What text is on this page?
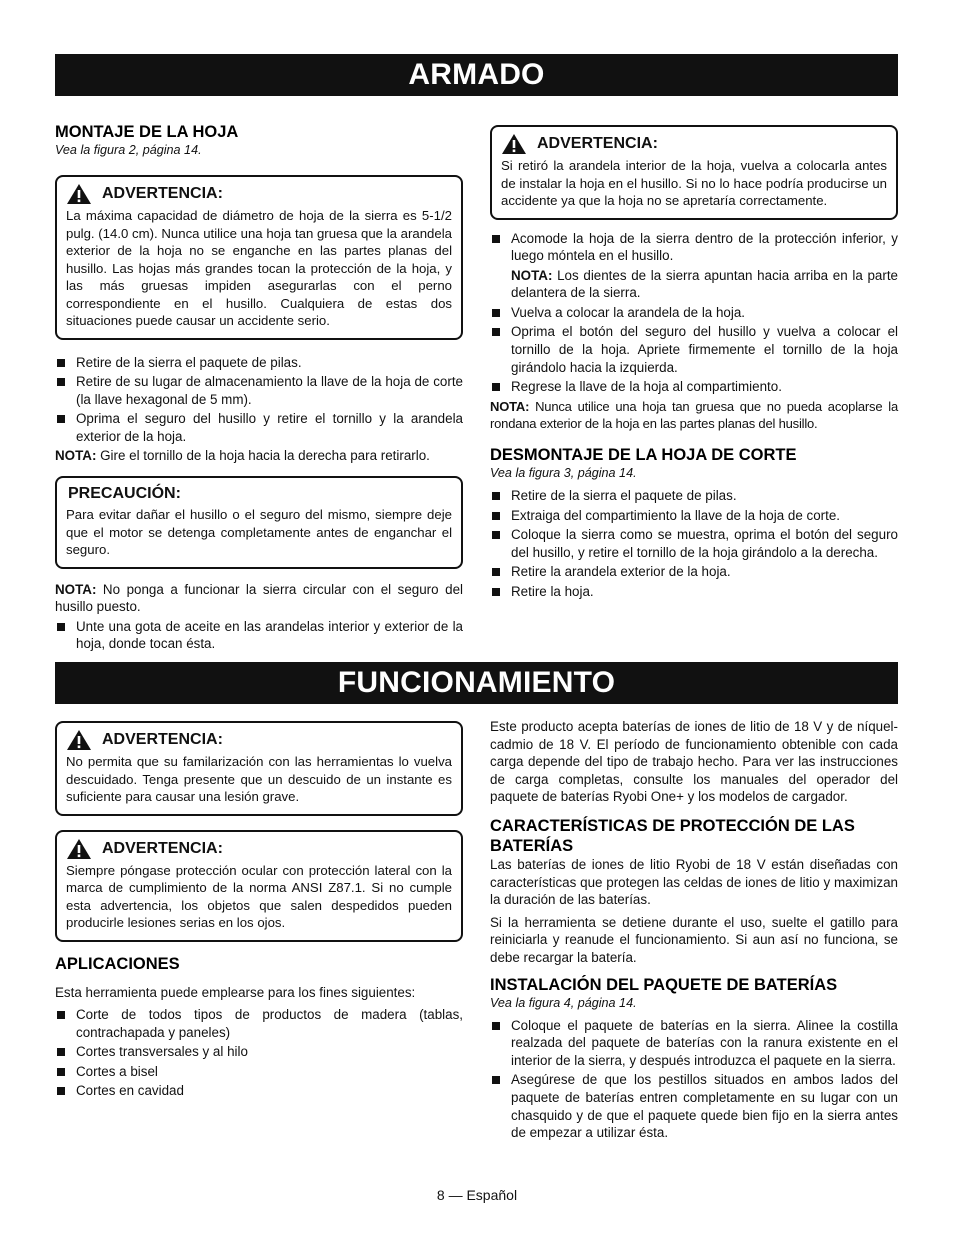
ARMADO
MONTAJE DE LA HOJA
Vea la figura 2, página 14.
ADVERTENCIA:

La máxima capacidad de diámetro de hoja de la sierra es 5-1/2 pulg. (14.0 cm). Nunca utilice una hoja tan gruesa que la arandela exterior de la hoja no se enganche en las partes planas del husillo. Las hojas más grandes tocan la protección de la hoja, y las más gruesas impiden asegurarlas con el perno correspondiente en el husillo. Cualquiera de estas dos situaciones puede causar un accidente serio.

Retire de la sierra el paquete de pilas.
Retire de su lugar de almacenamiento la llave de la hoja de corte (la llave hexagonal de 5 mm).
Oprima el seguro del husillo y retire el tornillo y la arandela exterior de la hoja.
NOTA: Gire el tornillo de la hoja hacia la derecha para retirarlo.
PRECAUCIÓN:

Para evitar dañar el husillo o el seguro del mismo, siempre deje que el motor se detenga completamente antes de enganchar el seguro.

NOTA: No ponga a funcionar la sierra circular con el seguro del husillo puesto.
Unte una gota de aceite en las arandelas interior y exterior de la hoja, donde tocan ésta.
ADVERTENCIA:

Si retiró la arandela interior de la hoja, vuelva a colocarla antes de instalar la hoja en el husillo. Si no lo hace podría producirse un accidente ya que la hoja no se apretaría correctamente.

Acomode la hoja de la sierra dentro de la protección inferior, y luego móntela en el husillo.
NOTA: Los dientes de la sierra apuntan hacia arriba en la parte delantera de la sierra.
Vuelva a colocar la arandela de la hoja.
Oprima el botón del seguro del husillo y vuelva a colocar el tornillo de la hoja. Apriete firmemente el tornillo de la hoja girándolo hacia la izquierda.
Regrese la llave de la hoja al compartimiento.
NOTA: Nunca utilice una hoja tan gruesa que no pueda acoplarse la rondana exterior de la hoja en las partes planas del husillo.
DESMONTAJE DE LA HOJA DE CORTE
Vea la figura 3, página 14.
Retire de la sierra el paquete de pilas.
Extraiga del compartimiento la llave de la hoja de corte.
Coloque la sierra como se muestra, oprima el botón del seguro del husillo, y retire el tornillo de la hoja girándolo a la derecha.
Retire la arandela exterior de la hoja.
Retire la hoja.
FUNCIONAMIENTO
ADVERTENCIA:

No permita que su familarización con las herramientas lo vuelva descuidado. Tenga presente que un descuido de un instante es suficiente para causar una lesión grave.

ADVERTENCIA:

Siempre póngase protección ocular con protección lateral con la marca de cumplimiento de la norma ANSI Z87.1. Si no cumple esta advertencia, los objetos que salen despedidos pueden producirle lesiones serias en los ojos.

APLICACIONES

Esta herramienta puede emplearse para los fines siguientes:

Corte de todos tipos de productos de madera (tablas, contrachapada y paneles)
Cortes transversales y al hilo
Cortes a bisel
Cortes en cavidad

Este producto acepta baterías de iones de litio de 18 V y de níquel-cadmio de 18 V. El período de funcionamiento obtenible con cada carga depende del tipo de trabajo hecho. Para ver las instrucciones de carga completas, consulte los manuales del operador del paquete de baterías Ryobi One+ y los modelos de cargador.

CARACTERÍSTICAS DE PROTECCIÓN DE LAS BATERÍAS

Las baterías de iones de litio Ryobi de 18 V están diseñadas con características que protegen las celdas de iones de litio y maximizan la duración de las baterías.

Si la herramienta se detiene durante el uso, suelte el gatillo para reiniciarla y reanude el funcionamiento. Si aun así no funciona, se debe recargar la batería.

INSTALACIÓN DEL PAQUETE DE BATERÍAS
Vea la figura 4, página 14.
Coloque el paquete de baterías en la sierra. Alinee la costilla realzada del paquete de baterías con la ranura existente en el interior de la sierra, y después introduzca el paquete en la sierra.
Asegúrese de que los pestillos situados en ambos lados del paquete de baterías entren completamente en su lugar con un chasquido y de que el paquete quede bien fijo en la sierra antes de empezar a utilizar ésta.
8 — Español
